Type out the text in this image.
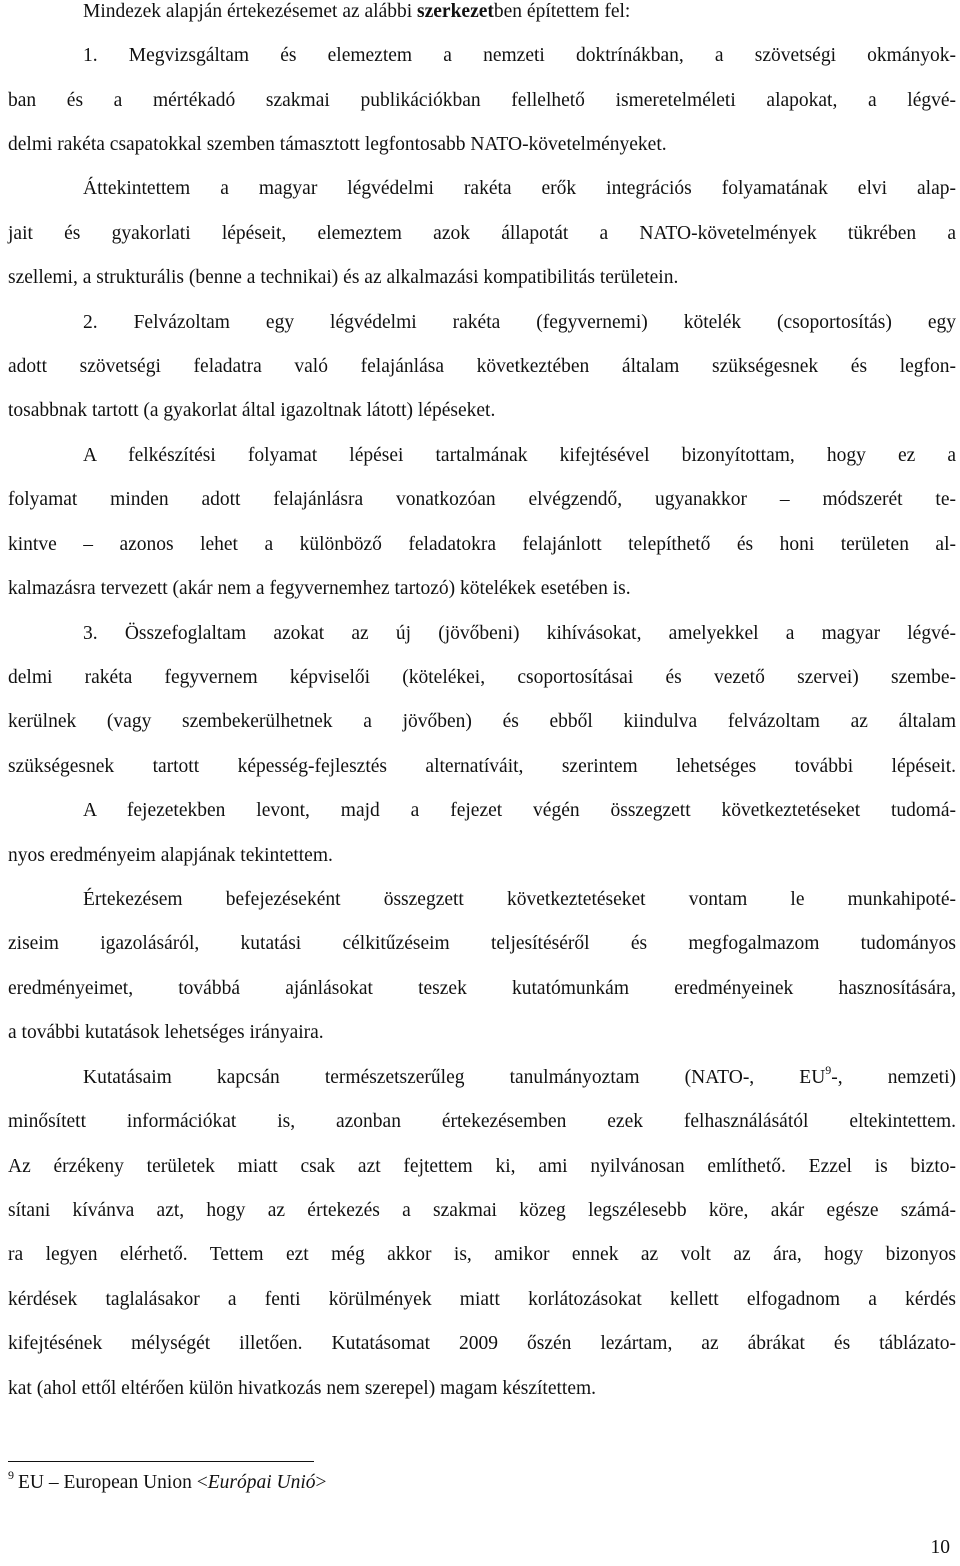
Mindezek alapján értekezésemet az alábbi szerkezetben építettem fel:
1. Megvizsgáltam és elemeztem a nemzeti doktrínákban, a szövetségi okmányok-
ban és a mértékadó szakmai publikációkban fellelhető ismeretelméleti alapokat, a légvé-
delmi rakéta csapatokkal szemben támasztott legfontosabb NATO-követelményeket.
Áttekintettem a magyar légvédelmi rakéta erők integrációs folyamatának elvi alap-
jait és gyakorlati lépéseit, elemeztem azok állapotát a NATO-követelmények tükrében a
szellemi, a strukturális (benne a technikai) és az alkalmazási kompatibilitás területein.
2. Felvázoltam egy légvédelmi rakéta (fegyvernemi) kötelék (csoportosítás) egy
adott szövetségi feladatra való felajánlása következtében általam szükségesnek és legfon-
tosabbnak tartott (a gyakorlat által igazoltnak látott) lépéseket.
A felkészítési folyamat lépései tartalmának kifejtésével bizonyítottam, hogy ez a
folyamat minden adott felajánlásra vonatkozóan elvégzendő, ugyanakkor – módszerét te-
kintve – azonos lehet a különböző feladatokra felajánlott telepíthető és honi területen al-
kalmazásra tervezett (akár nem a fegyvernemhez tartozó) kötelékek esetében is.
3. Összefoglaltam azokat az új (jövőbeni) kihívásokat, amelyekkel a magyar légvé-
delmi rakéta fegyvernem képviselői (kötelékei, csoportosításai és vezető szervei) szembe-
kerülnek (vagy szembekerülhetnek a jövőben) és ebből kiindulva felvázoltam az általam
szükségesnek tartott képesség-fejlesztés alternatíváit, szerintem lehetséges további lépéseit.
A fejezetekben levont, majd a fejezet végén összegzett következtetéseket tudomá-
nyos eredményeim alapjának tekintettem.
Értekezésem befejezéseként összegzett következtetéseket vontam le munkahipoté-
ziseim igazolásáról, kutatási célkitűzéseim teljesítéséről és megfogalmazom tudományos
eredményeimet, továbbá ajánlásokat teszek kutatómunkám eredményeinek hasznosítására,
a további kutatások lehetséges irányaira.
Kutatásaim kapcsán természetszerűleg tanulmányoztam (NATO-, EU$^9$-, nemzeti)
minősített információkat is, azonban értekezésemben ezek felhasználásától eltekintettem.
Az érzékeny területek miatt csak azt fejtettem ki, ami nyilvánosan említhető. Ezzel is bizto-
sítani kívánva azt, hogy az értekezés a szakmai közeg legszélesebb köre, akár egésze számá-
ra legyen elérhető. Tettem ezt még akkor is, amikor ennek az volt az ára, hogy bizonyos
kérdések taglalásakor a fenti körülmények miatt korlátozásokat kellett elfogadnom a kérdés
kifejtésének mélységét illetően. Kutatásomat 2009 őszén lezártam, az ábrákat és táblázato-
kat (ahol ettől eltérően külön hivatkozás nem szerepel) magam készítettem.
$^9$ EU – European Union <Európai Unió>
10
